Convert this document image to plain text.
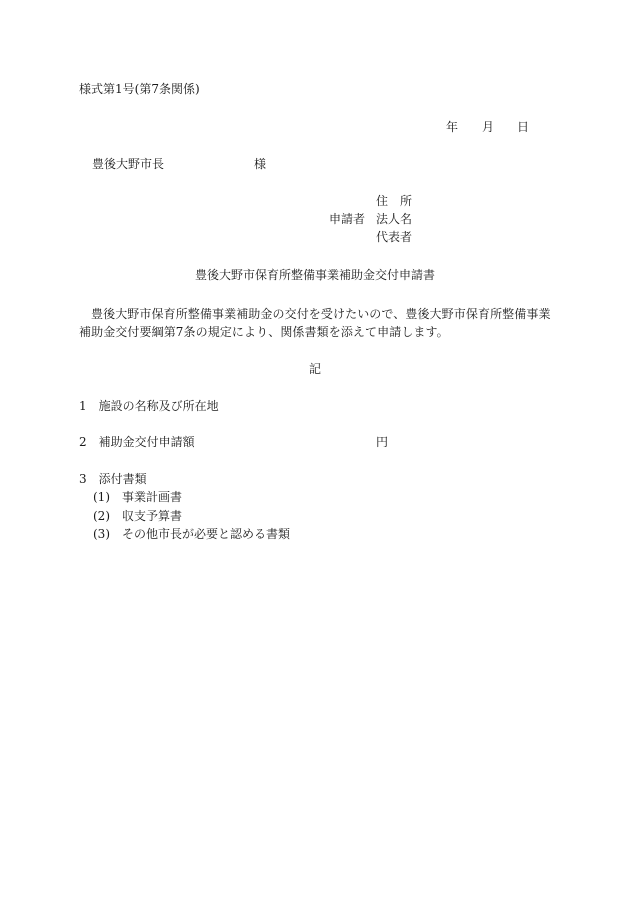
様式第1号(第7条関係)
年 月 日
豊後大野市長	様
住　所
申請者 法人名
代表者
豊後大野市保育所整備事業補助金交付申請書
豊後大野市保育所整備事業補助金の交付を受けたいので、豊後大野市保育所整備事業補助金交付要綱第7条の規定により、関係書類を添えて申請します。
記
1　施設の名称及び所在地
2　補助金交付申請額	円
3　添付書類
(1)　事業計画書
(2)　収支予算書
(3)　その他市長が必要と認める書類
